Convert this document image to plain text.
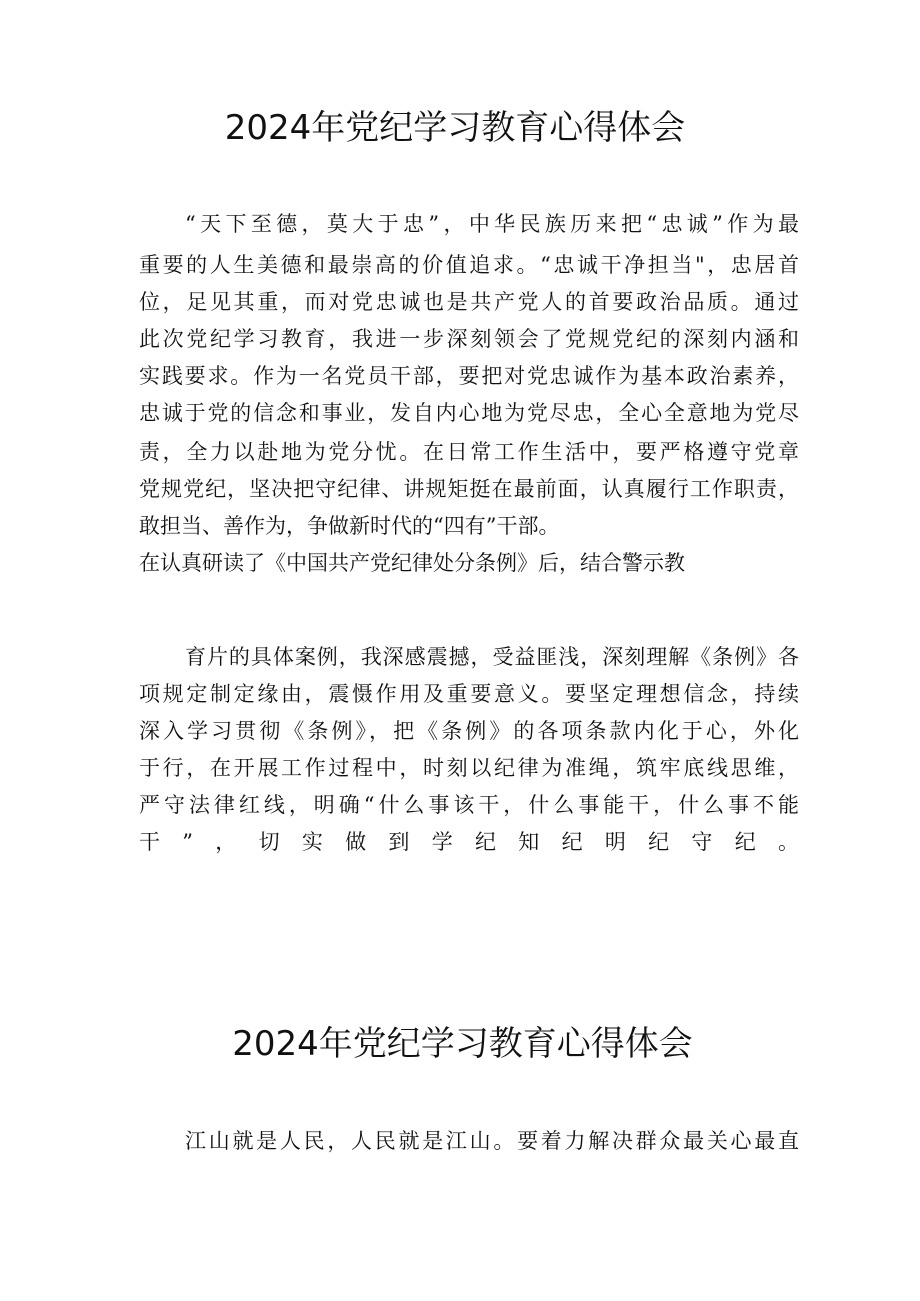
2024年党纪学习教育心得体会
“天下至德，莫大于忠”，中华民族历来把“忠诚”作为最
重要的人生美德和最崇高的价值追求。“忠诚干净担当"，忠居首
位，足见其重，而对党忠诚也是共产党人的首要政治品质。通过
此次党纪学习教育，我进一步深刻领会了党规党纪的深刻内涵和
实践要求。作为一名党员干部，要把对党忠诚作为基本政治素养，
忠诚于党的信念和事业，发自内心地为党尽忠，全心全意地为党尽
责，全力以赴地为党分忧。在日常工作生活中，要严格遵守党章
党规党纪，坚决把守纪律、讲规矩挺在最前面，认真履行工作职责，
敢担当、善作为，争做新时代的“四有”干部。
在认真研读了《中国共产党纪律处分条例》后，结合警示教
育片的具体案例，我深感震撼，受益匪浅，深刻理解《条例》各
项规定制定缘由，震慑作用及重要意义。要坚定理想信念，持续
深入学习贯彻《条例》，把《条例》的各项条款内化于心，外化
于行，在开展工作过程中，时刻以纪律为准绳，筑牢底线思维，
严守法律红线，明确“什么事该干，什么事能干，什么事不能
干”，切实做到学纪知纪明纪守纪。
2024年党纪学习教育心得体会
江山就是人民，人民就是江山。要着力解决群众最关心最直
